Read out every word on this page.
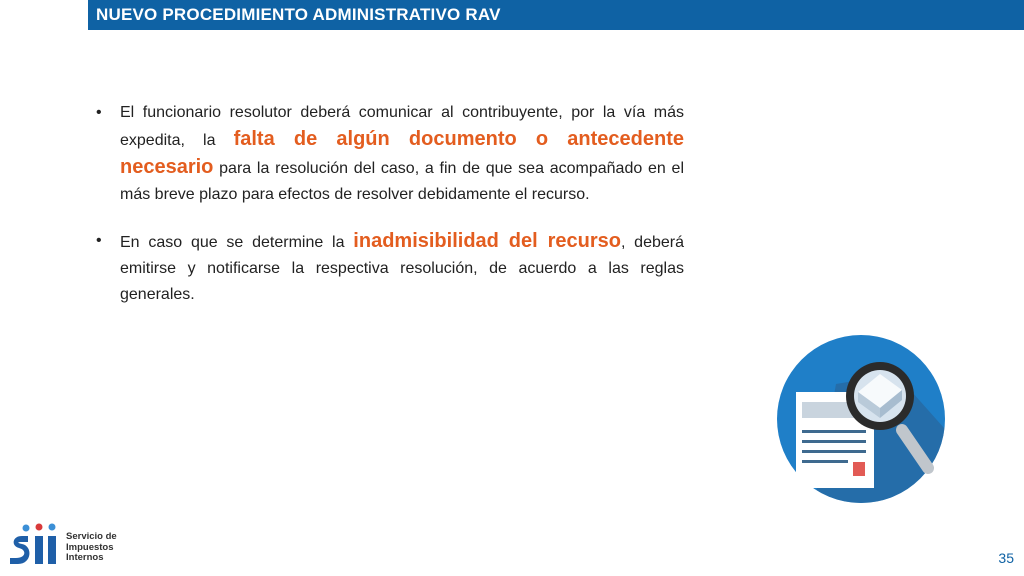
NUEVO PROCEDIMIENTO ADMINISTRATIVO RAV

• El funcionario resolutor deberá comunicar al contribuyente, por la vía más expedita, la falta de algún documento o antecedente necesario para la resolución del caso, a fin de que sea acompañado en el más breve plazo para efectos de resolver debidamente el recurso.

• En caso que se determine la inadmisibilidad del recurso, deberá emitirse y notificarse la respectiva resolución, de acuerdo a las reglas generales.

Servicio de
Impuestos
Internos	35
